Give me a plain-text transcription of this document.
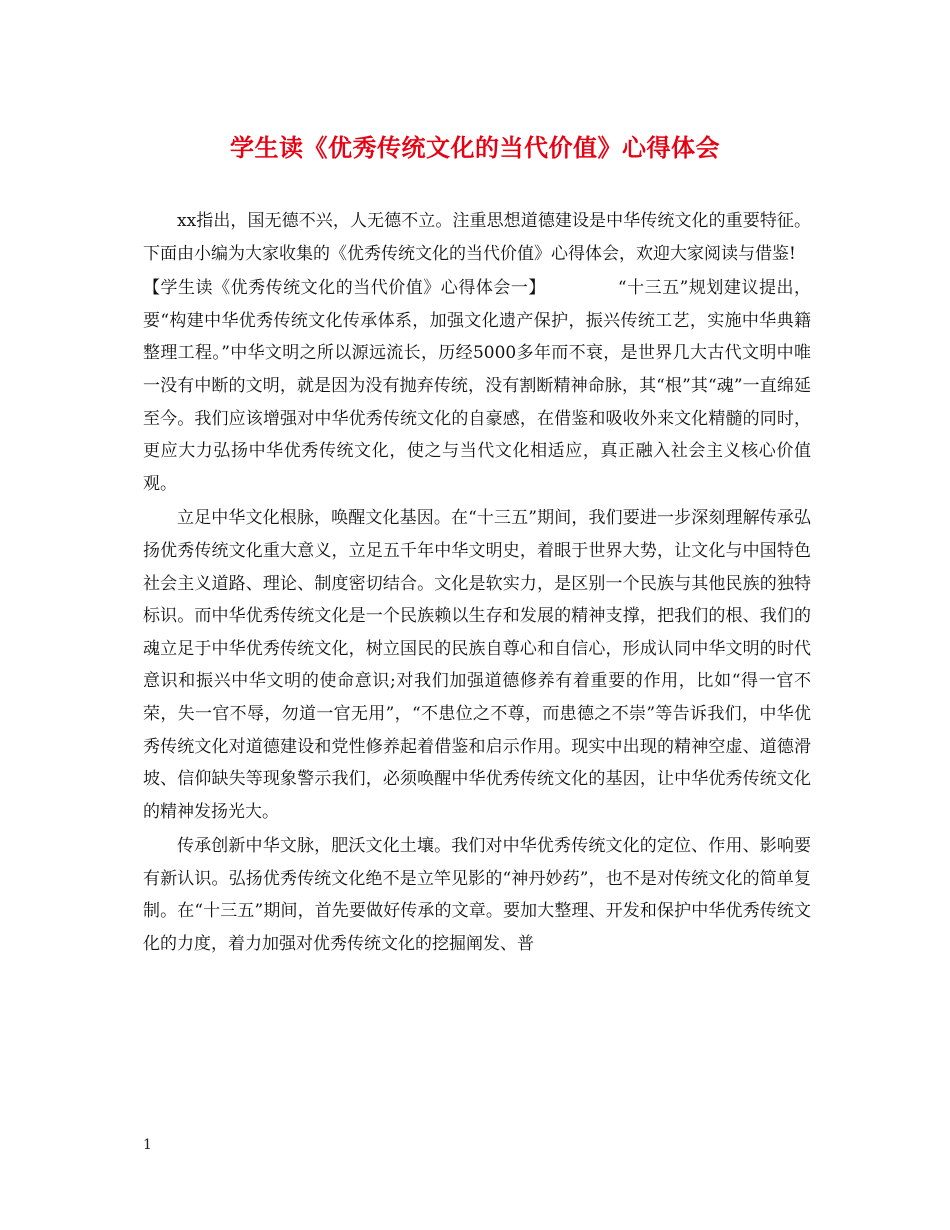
学生读《优秀传统文化的当代价值》心得体会

xx指出，国无德不兴，人无德不立。注重思想道德建设是中华传统文化的重要特征。下面由小编为大家收集的《优秀传统文化的当代价值》心得体会，欢迎大家阅读与借鉴!

【学生读《优秀传统文化的当代价值》心得体会一】	“十三五”规划建议提出，要“构建中华优秀传统文化传承体系，加强文化遗产保护，振兴传统工艺，实施中华典籍整理工程。”中华文明之所以源远流长，历经5000多年而不衰，是世界几大古代文明中唯一没有中断的文明，就是因为没有抛弃传统，没有割断精神命脉，其“根”其“魂”一直绵延至今。我们应该增强对中华优秀传统文化的自豪感，在借鉴和吸收外来文化精髓的同时，更应大力弘扬中华优秀传统文化，使之与当代文化相适应，真正融入社会主义核心价值观。

立足中华文化根脉，唤醒文化基因。在“十三五”期间，我们要进一步深刻理解传承弘扬优秀传统文化重大意义，立足五千年中华文明史，着眼于世界大势，让文化与中国特色社会主义道路、理论、制度密切结合。文化是软实力，是区别一个民族与其他民族的独特标识。而中华优秀传统文化是一个民族赖以生存和发展的精神支撑，把我们的根、我们的魂立足于中华优秀传统文化，树立国民的民族自尊心和自信心，形成认同中华文明的时代意识和振兴中华文明的使命意识;对我们加强道德修养有着重要的作用，比如“得一官不荣，失一官不辱，勿道一官无用”，“不患位之不尊，而患德之不崇”等告诉我们，中华优秀传统文化对道德建设和党性修养起着借鉴和启示作用。现实中出现的精神空虚、道德滑坡、信仰缺失等现象警示我们，必须唤醒中华优秀传统文化的基因，让中华优秀传统文化的精神发扬光大。

传承创新中华文脉，肥沃文化土壤。我们对中华优秀传统文化的定位、作用、影响要有新认识。弘扬优秀传统文化绝不是立竿见影的“神丹妙药”，也不是对传统文化的简单复制。在“十三五”期间，首先要做好传承的文章。要加大整理、开发和保护中华优秀传统文化的力度，着力加强对优秀传统文化的挖掘阐发、普

1
